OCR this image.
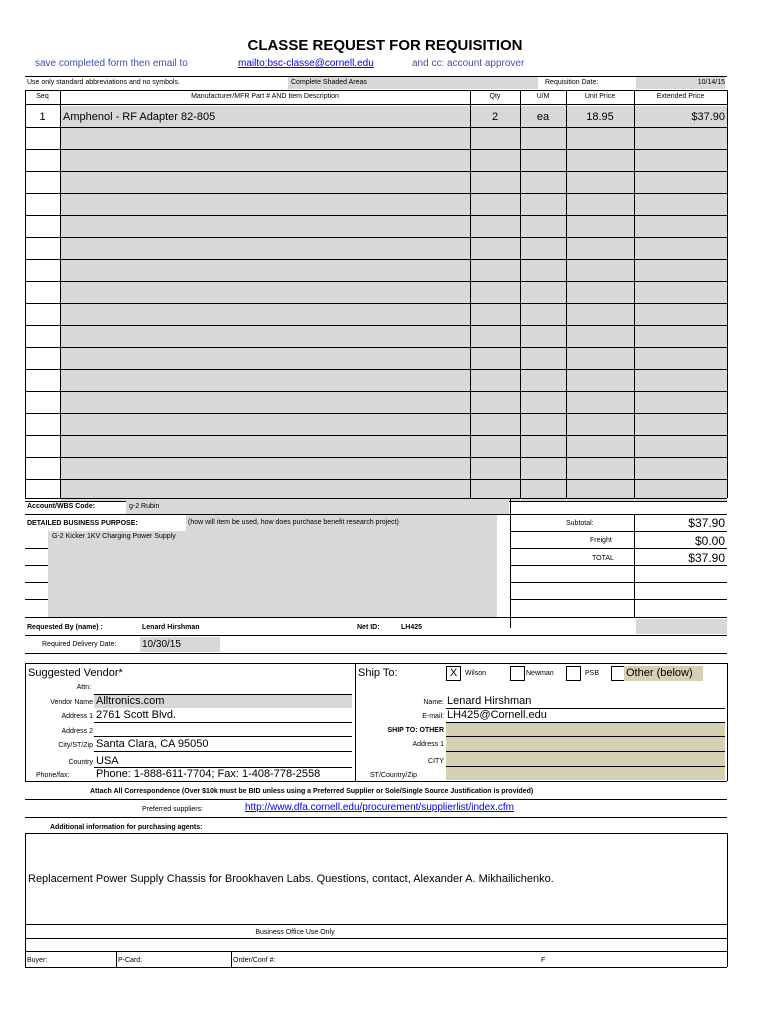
CLASSE REQUEST FOR REQUISITION
save completed form then email to	mailto:bsc-classe@cornell.edu	and cc: account approver
Use only standard abbreviations and no symbols.	Complete Shaded Areas	Requisition Date:	10/14/15
Seq	Manufacturer/MFR Part # AND Item Description	Qty	U/M	Unit Price	Extended Price
1	Amphenol - RF Adapter 82-805	2	ea	18.95	$37.90
Account/WBS Code:	g-2 Rubin
DETAILED BUSINESS PURPOSE:	(how will item be used, how does purchase benefit research project)
G-2 Kicker 1KV Charging Power Supply
Subtotal:	$37.90
Freight	$0.00
TOTAL	$37.90
Requested By (name) :	Lenard Hirshman	Net ID:	LH425
Required Delivery Date:	10/30/15
Suggested Vendor*
Attn:
Vendor Name Alltronics.com
Address 1 2761 Scott Blvd.
Address 2
City/ST/Zip Santa Clara, CA 95050
Country USA
Phone/fax: Phone: 1-888-611-7704; Fax: 1-408-778-2558
Ship To:	X	Wilson	Newman	PSB Other (below)
Name: Lenard Hirshman
E-mail: LH425@Cornell.edu
SHIP TO: OTHER
Address 1
CITY
ST/Country/Zip
Attach All Correspondence (Over $10k must be BID unless using a Preferred Supplier or Sole/Single Source Justification is provided)
Preferred suppliers:	http://www.dfa.cornell.edu/procurement/supplierlist/index.cfm
Additional information for purchasing agents:
Replacement Power Supply Chassis for Brookhaven Labs. Questions, contact, Alexander A. Mikhailichenko.
Business Office Use Only
Buyer:	P-Card:	Order/Conf #:	F
